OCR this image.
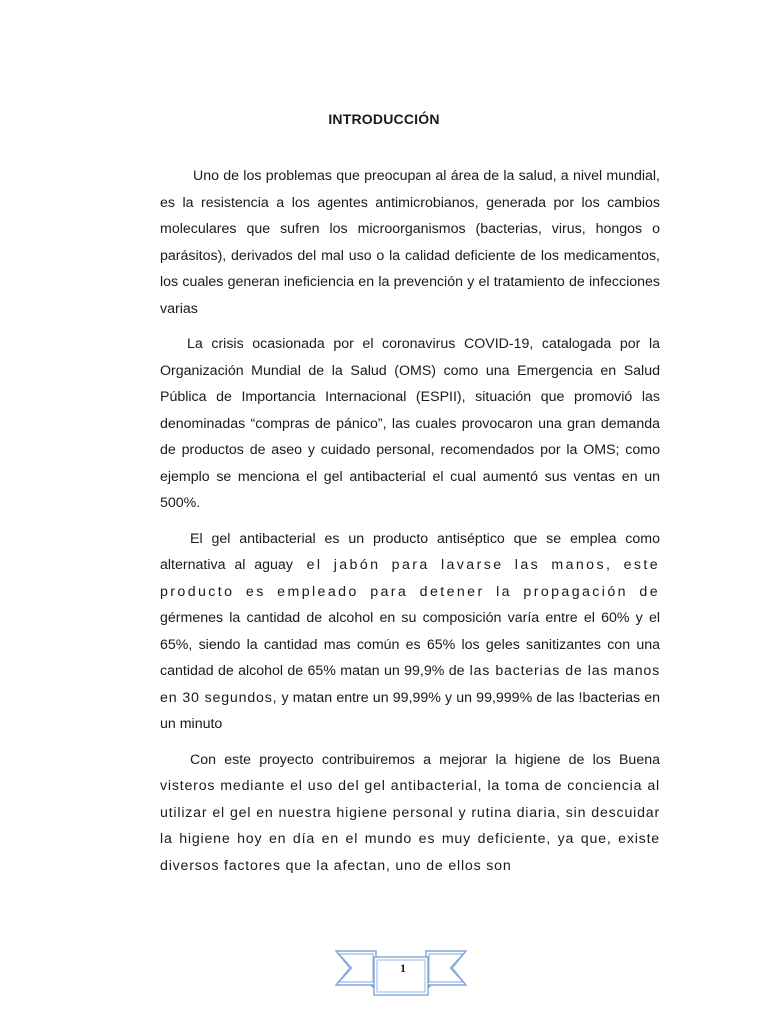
INTRODUCCIÓN

Uno de los problemas que preocupan al área de la salud, a nivel mundial, es la resistencia a los agentes antimicrobianos, generada por los cambios moleculares que sufren los microorganismos (bacterias, virus, hongos o parásitos), derivados del mal uso o la calidad deficiente de los medicamentos, los cuales generan ineficiencia en la prevención y el tratamiento de infecciones varias

La crisis ocasionada por el coronavirus COVID-19, catalogada por la Organización Mundial de la Salud (OMS) como una Emergencia en Salud Pública de Importancia Internacional (ESPII), situación que promovió las denominadas “compras de pánico”, las cuales provocaron una gran demanda de productos de aseo y cuidado personal, recomendados por la OMS; como ejemplo se menciona el gel antibacterial el cual aumentó sus ventas en un 500%.

El gel antibacterial es un producto antiséptico que se emplea como alternativa al aguay el jabón para lavarse las manos, este producto es empleado para detener la propagación de gérmenes la cantidad de alcohol en su composición varía entre el 60% y el 65%, siendo la cantidad mas común es 65% los geles sanitizantes con una cantidad de alcohol de 65% matan un 99,9% de las bacterias de las manos en 30 segundos, y matan entre un 99,99% y un 99,999% de las !bacterias en un minuto

Con este proyecto contribuiremos a mejorar la higiene de los Buena visteros mediante el uso del gel antibacterial, la toma de conciencia al utilizar el gel en nuestra higiene personal y rutina diaria, sin descuidar la higiene hoy en día en el mundo es muy deficiente, ya que, existe diversos factores que la afectan, uno de ellos son

1
